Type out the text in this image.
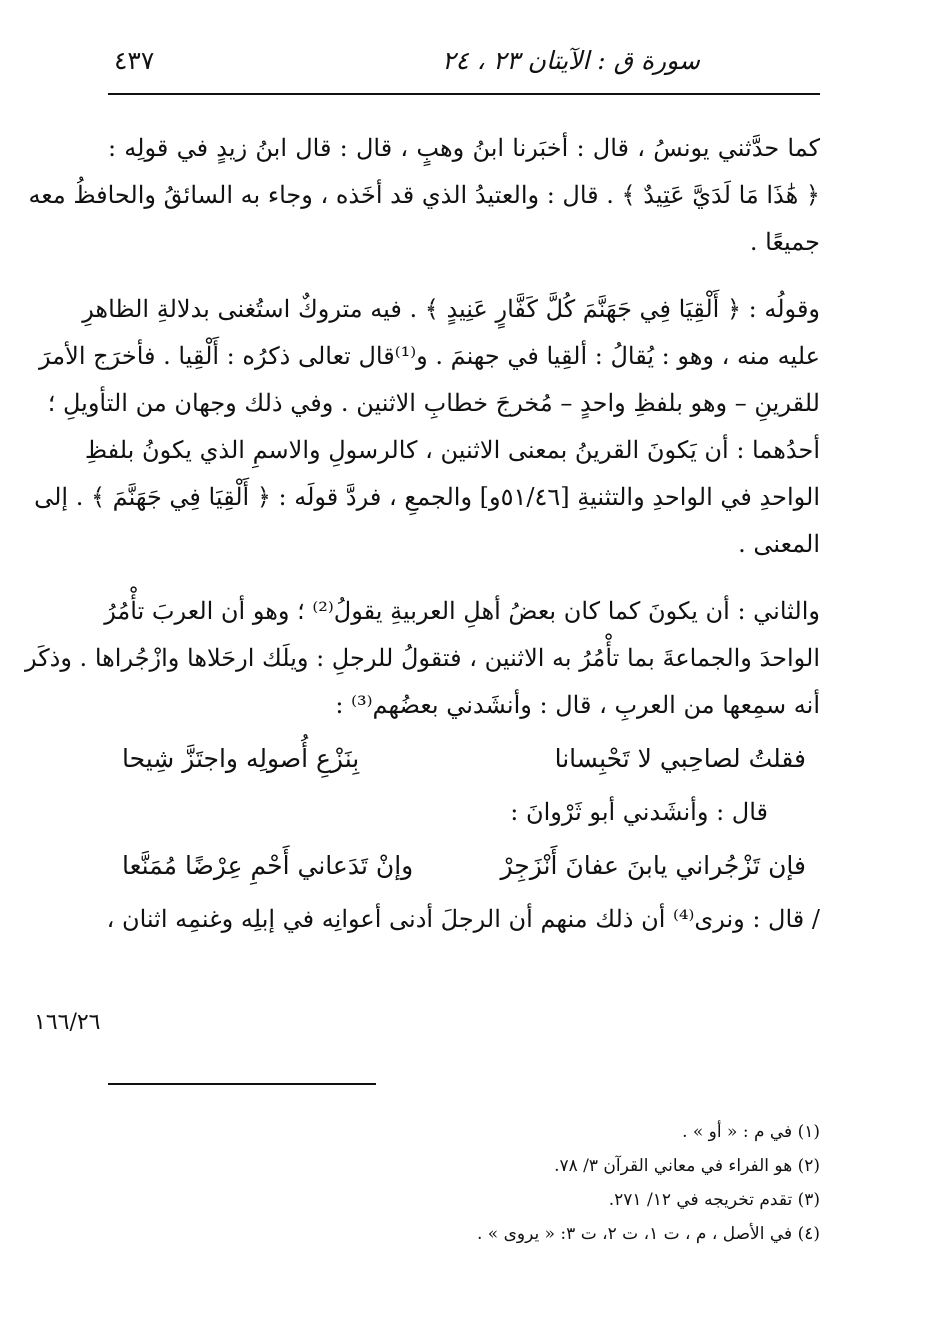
سورة ق : الآيتان ٢٣ ، ٢٤
٤٣٧
كما حدَّثني يونسُ ، قال : أخبَرنا ابنُ وهبٍ ، قال : قال ابنُ زيدٍ في قولِه :
﴿ هَٰذَا مَا لَدَيَّ عَتِيدٌ ﴾ . قال : والعتيدُ الذي قد أخَذه ، وجاء به السائقُ والحافظُ معه
جميعًا .
وقولُه : ﴿ أَلْقِيَا فِي جَهَنَّمَ كُلَّ كَفَّارٍ عَنِيدٍ ﴾ . فيه متروكٌ استُغنى بدلالةِ الظاهرِ
عليه منه ، وهو : يُقالُ : ألقِيا في جهنمَ . و⁽¹⁾قال تعالى ذكرُه : أَلْقِيا . فأخرَج الأمرَ
للقرينِ – وهو بلفظِ واحدٍ – مُخرجَ خطابِ الاثنين . وفي ذلك وجهان من التأويلِ ؛
أحدُهما : أن يَكونَ القرينُ بمعنى الاثنين ، كالرسولِ والاسمِ الذي يكونُ بلفظِ
الواحدِ في الواحدِ والتثنيةِ [٥١/٤٦و] والجمعِ ، فردَّ قولَه : ﴿ أَلْقِيَا فِي جَهَنَّمَ ﴾ . إلى
المعنى .
والثاني : أن يكونَ كما كان بعضُ أهلِ العربيةِ يقولُ⁽²⁾ ؛ وهو أن العربَ تأْمُرُ
الواحدَ والجماعةَ بما تأْمُرُ به الاثنين ، فتقولُ للرجلِ : ويلَك ارحَلاها وازْجُراها . وذكَر
أنه سمِعها من العربِ ، قال : وأنشَدني بعضُهم⁽³⁾ :
فقلتُ لصاحِبي لا تَحْبِسانا
بِنَزْعِ أُصولِه واجتَزَّ شِيحا
قال : وأنشَدني أبو ثَرْوانَ :
فإن تَزْجُراني يابنَ عفانَ أَنْزَجِرْ
وإنْ تَدَعاني أَحْمِ عِرْضًا مُمَنَّعا
/ قال : ونرى⁽⁴⁾ أن ذلك منهم أن الرجلَ أدنى أعوانِه في إبلِه وغنمِه اثنان ،
١٦٦/٢٦
(١) في م : « أو » .
(٢) هو الفراء في معاني القرآن ٣/ ٧٨.
(٣) تقدم تخريجه في ١٢/ ٢٧١.
(٤) في الأصل ، م ، ت ١، ت ٢، ت ٣: « يروى » .
